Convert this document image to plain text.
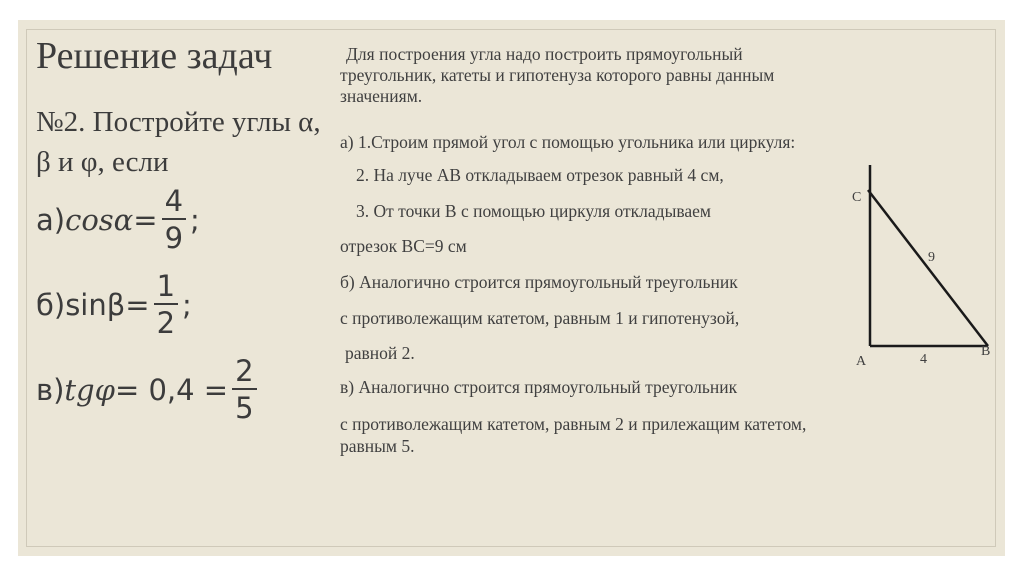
Решение задач
№2. Постройте углы α, β и φ, если
а) $\cos\alpha = \frac{4}{9}$ ;
б) $\sin\beta = \frac{1}{2}$ ;
в) $tg\varphi = 0,4 = \frac{2}{5}$
Для построения угла надо построить прямоугольный
треугольник, катеты и гипотенуза которого равны данным
значениям.
а) 1.Строим прямой угол с помощью угольника или циркуля:
2. На луче АВ откладываем отрезок равный 4 см,
3. От точки В с помощью циркуля откладываем
отрезок ВС=9 см
б) Аналогично строится прямоугольный треугольник
с противолежащим катетом, равным 1 и гипотенузой,
равной 2.
в) Аналогично строится прямоугольный треугольник
с противолежащим катетом, равным 2 и прилежащим катетом,
равным 5.
C
A
B
9
4
